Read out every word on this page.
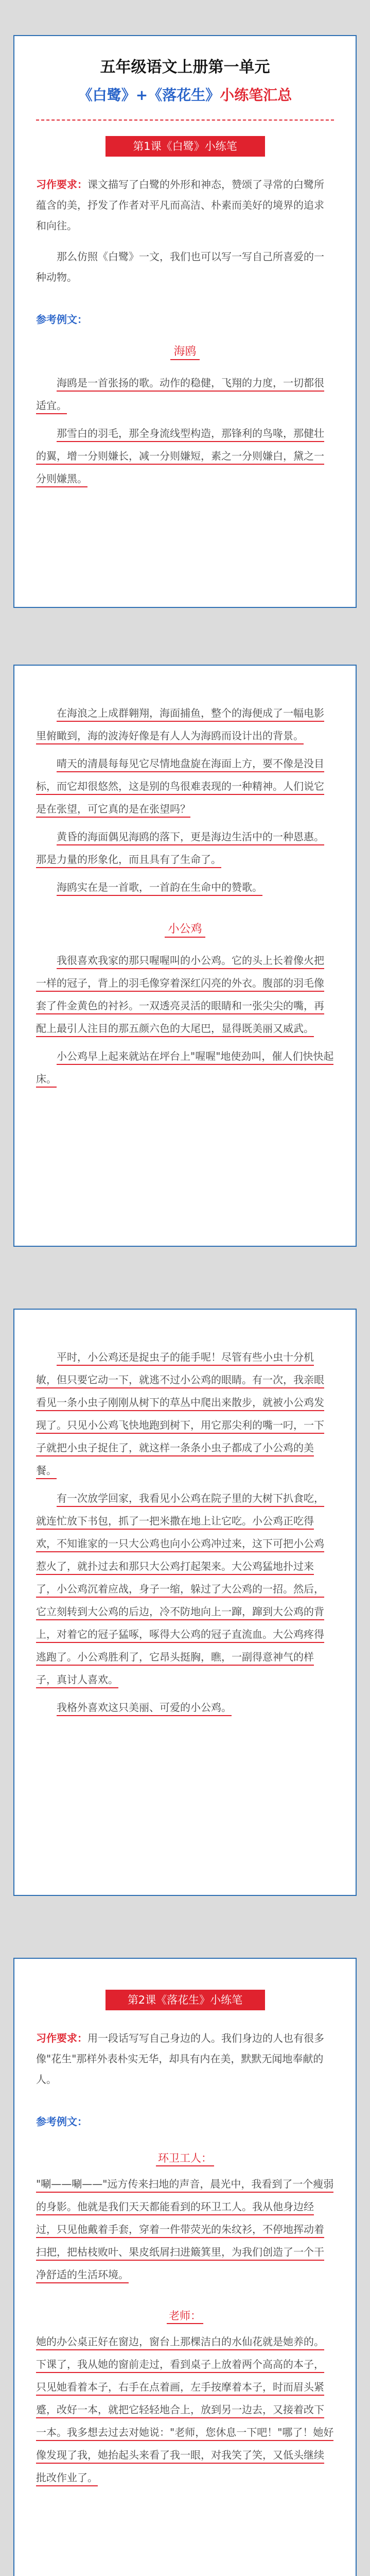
五年级语文上册第一单元
《白鹭》+《落花生》小练笔汇总
第1课《白鹭》小练笔

习作要求：课文描写了白鹭的外形和神态，赞颂了寻常的白鹭所蕴含的美，抒发了作者对平凡而高洁、朴素而美好的境界的追求和向往。

那么仿照《白鹭》一文，我们也可以写一写自己所喜爱的一种动物。

参考例文：
海鸥

海鸥是一首张扬的歌。动作的稳健，飞翔的力度，一切都很适宜。

那雪白的羽毛，那全身流线型构造，那锋利的鸟喙，那健壮的翼，增一分则嫌长，减一分则嫌短，素之一分则嫌白，黛之一分则嫌黑。

在海浪之上成群翱翔，海面捕鱼，整个的海便成了一幅电影里俯瞰到，海的波涛好像是有人人为海鸥而设计出的背景。

晴天的清晨每每见它尽情地盘旋在海面上方，要不像是没目标，而它却很悠然，这是别的鸟很难表现的一种精神。人们说它是在张望，可它真的是在张望吗？

黄昏的海面偶见海鸥的落下，更是海边生活中的一种恩惠。那是力量的形象化，而且具有了生命了。

海鸥实在是一首歌，一首韵在生命中的赞歌。

小公鸡

我很喜欢我家的那只喔喔叫的小公鸡。它的头上长着像火把一样的冠子，背上的羽毛像穿着深红闪亮的外衣。腹部的羽毛像套了件金黄色的衬衫。一双透亮灵活的眼睛和一张尖尖的嘴，再配上最引人注目的那五颜六色的大尾巴，显得既美丽又威武。

小公鸡早上起来就站在坪台上"喔喔"地使劲叫，催人们快快起床。

平时，小公鸡还是捉虫子的能手呢！尽管有些小虫十分机敏，但只要它动一下，就逃不过小公鸡的眼睛。有一次，我亲眼看见一条小虫子刚刚从树下的草丛中爬出来散步，就被小公鸡发现了。只见小公鸡飞快地跑到树下，用它那尖利的嘴一叼，一下子就把小虫子捉住了，就这样一条条小虫子都成了小公鸡的美餐。

有一次放学回家，我看见小公鸡在院子里的大树下扒食吃，就连忙放下书包，抓了一把米撒在地上让它吃。小公鸡正吃得欢，不知谁家的一只大公鸡也向小公鸡冲过来，这下可把小公鸡惹火了，就扑过去和那只大公鸡打起架来。大公鸡猛地扑过来了，小公鸡沉着应战，身子一缩，躲过了大公鸡的一招。然后，它立刻转到大公鸡的后边，冷不防地向上一蹿，蹿到大公鸡的背上，对着它的冠子猛啄，啄得大公鸡的冠子直流血。大公鸡疼得逃跑了。小公鸡胜利了，它昂头挺胸，瞧，一副得意神气的样子，真讨人喜欢。

我格外喜欢这只美丽、可爱的小公鸡。

第2课《落花生》小练笔

习作要求：用一段话写写自己身边的人。我们身边的人也有很多像"花生"那样外表朴实无华，却具有内在美，默默无闻地奉献的人。

参考例文：
环卫工人：

"唰——唰——"远方传来扫地的声音，晨光中，我看到了一个瘦弱的身影。他就是我们天天都能看到的环卫工人。我从他身边经过，只见他戴着手套，穿着一件带荧光的朱纹衫，不停地挥动着扫把，把枯枝败叶、果皮纸屑扫进簸箕里，为我们创造了一个干净舒适的生活环境。

老师：

她的办公桌正好在窗边，窗台上那棵洁白的水仙花就是她养的。下课了，我从她的窗前走过，看到桌子上放着两个高高的本子，只见她看着本子，右手在点着画，左手按摩着本子，时而眉头紧蹙，改好一本，就把它轻轻地合上，放到另一边去，又接着改下一本。我多想去过去对她说："老师，您休息一下吧！"哪了！她好像发现了我，她抬起头来看了我一眼，对我笑了笑，又低头继续批改作业了。
